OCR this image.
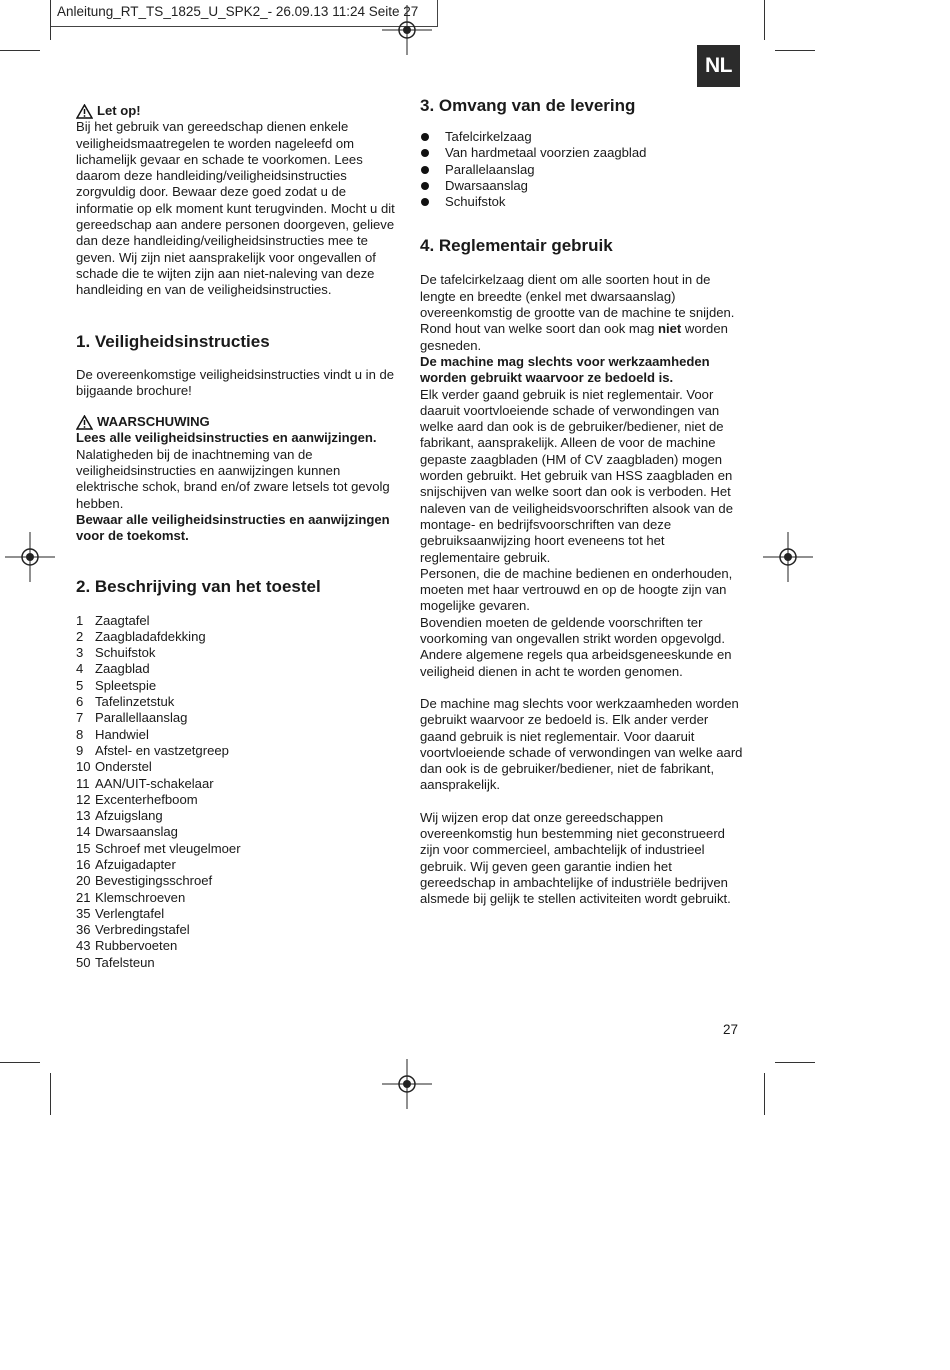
Anleitung_RT_TS_1825_U_SPK2_- 26.09.13 11:24 Seite 27
NL
Let op!

Bij het gebruik van gereedschap dienen enkele veiligheidsmaatregelen te worden nageleefd om lichamelijk gevaar en schade te voorkomen. Lees daarom deze handleiding/veiligheidsinstructies zorgvuldig door. Bewaar deze goed zodat u de informatie op elk moment kunt terugvinden. Mocht u dit gereedschap aan andere personen doorgeven, gelieve dan deze handleiding/veiligheidsinstructies mee te geven. Wij zijn niet aansprakelijk voor ongevallen of schade die te wijten zijn aan niet-naleving van deze handleiding en van de veiligheidsinstructies.

1. Veiligheidsinstructies

De overeenkomstige veiligheidsinstructies vindt u in de bijgaande brochure!

WAARSCHUWING

Lees alle veiligheidsinstructies en aanwijzingen.

Nalatigheden bij de inachtneming van de veiligheidsinstructies en aanwijzingen kunnen elektrische schok, brand en/of zware letsels tot gevolg hebben.

Bewaar alle veiligheidsinstructies en aanwijzingen voor de toekomst.

2. Beschrijving van het toestel
1 Zaagtafel
2 Zaagbladafdekking
3 Schuifstok
4 Zaagblad
5 Spleetspie
6 Tafelinzetstuk
7 Parallellaanslag
8 Handwiel
9 Afstel- en vastzetgreep
10 Onderstel
11 AAN/UIT-schakelaar
12 Excenterhefboom
13 Afzuigslang
14 Dwarsaanslag
15 Schroef met vleugelmoer
16 Afzuigadapter
20 Bevestigingsschroef
21 Klemschroeven
35 Verlengtafel
36 Verbredingstafel
43 Rubbervoeten
50 Tafelsteun
3. Omvang van de levering
Tafelcirkelzaag
Van hardmetaal voorzien zaagblad
Parallelaanslag
Dwarsaanslag
Schuifstok
4. Reglementair gebruik

De tafelcirkelzaag dient om alle soorten hout in de lengte en breedte (enkel met dwarsaanslag) overeenkomstig de grootte van de machine te snijden.

Rond hout van welke soort dan ook mag niet worden gesneden.

De machine mag slechts voor werkzaamheden worden gebruikt waarvoor ze bedoeld is.

Elk verder gaand gebruik is niet reglementair. Voor daaruit voortvloeiende schade of verwondingen van welke aard dan ook is de gebruiker/bediener, niet de fabrikant, aansprakelijk. Alleen de voor de machine gepaste zaagbladen (HM of CV zaagbladen) mogen worden gebruikt. Het gebruik van HSS zaagbladen en snijschijven van welke soort dan ook is verboden. Het naleven van de veiligheidsvoorschriften alsook van de montage- en bedrijfsvoorschriften van deze gebruiksaanwijzing hoort eveneens tot het reglementaire gebruik.

Personen, die de machine bedienen en onderhouden, moeten met haar vertrouwd en op de hoogte zijn van mogelijke gevaren.

Bovendien moeten de geldende voorschriften ter voorkoming van ongevallen strikt worden opgevolgd. Andere algemene regels qua arbeidsgeneeskunde en veiligheid dienen in acht te worden genomen.

De machine mag slechts voor werkzaamheden worden gebruikt waarvoor ze bedoeld is. Elk ander verder gaand gebruik is niet reglementair. Voor daaruit voortvloeiende schade of verwondingen van welke aard dan ook is de gebruiker/bediener, niet de fabrikant, aansprakelijk.

Wij wijzen erop dat onze gereedschappen overeenkomstig hun bestemming niet geconstrueerd zijn voor commercieel, ambachtelijk of industrieel gebruik. Wij geven geen garantie indien het gereedschap in ambachtelijke of industriële bedrijven alsmede bij gelijk te stellen activiteiten wordt gebruikt.

27
